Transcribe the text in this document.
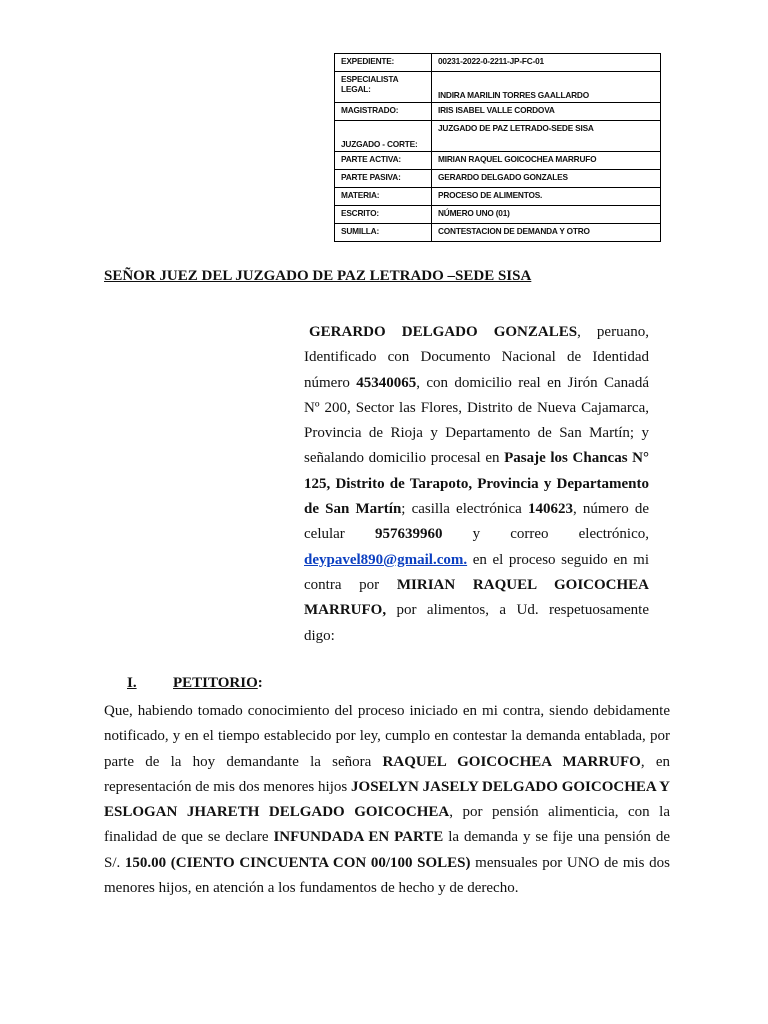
EXPEDIENTE:	00231-2022-0-2211-JP-FC-01
ESPECIALISTA LEGAL:	INDIRA MARILIN TORRES GAALLARDO
MAGISTRADO:	IRIS ISABEL VALLE CORDOVA
JUZGADO - CORTE:	JUZGADO DE PAZ LETRADO-SEDE SISA
PARTE ACTIVA:	MIRIAN RAQUEL GOICOCHEA MARRUFO
PARTE PASIVA:	GERARDO DELGADO GONZALES
MATERIA:	PROCESO DE ALIMENTOS.
ESCRITO:	NÚMERO UNO (01)
SUMILLA:	CONTESTACION DE DEMANDA Y OTRO
SEÑOR JUEZ DEL JUZGADO DE PAZ LETRADO –SEDE SISA
GERARDO DELGADO GONZALES, peruano, Identificado con Documento Nacional de Identidad número 45340065, con domicilio real en Jirón Canadá Nº 200, Sector las Flores, Distrito de Nueva Cajamarca, Provincia de Rioja y Departamento de San Martín; y señalando domicilio procesal en Pasaje los Chancas N° 125, Distrito de Tarapoto, Provincia y Departamento de San Martín; casilla electrónica 140623, número de celular 957639960 y correo electrónico, deypavel890@gmail.com. en el proceso seguido en mi contra por MIRIAN RAQUEL GOICOCHEA MARRUFO, por alimentos, a Ud. respetuosamente digo:
I. PETITORIO:
Que, habiendo tomado conocimiento del proceso iniciado en mi contra, siendo debidamente notificado, y en el tiempo establecido por ley, cumplo en contestar la demanda entablada, por parte de la hoy demandante la señora RAQUEL GOICOCHEA MARRUFO, en representación de mis dos menores hijos JOSELYN JASELY DELGADO GOICOCHEA Y ESLOGAN JHARETH DELGADO GOICOCHEA, por pensión alimenticia, con la finalidad de que se declare INFUNDADA EN PARTE la demanda y se fije una pensión de S/. 150.00 (CIENTO CINCUENTA CON 00/100 SOLES) mensuales por UNO de mis dos menores hijos, en atención a los fundamentos de hecho y de derecho.
